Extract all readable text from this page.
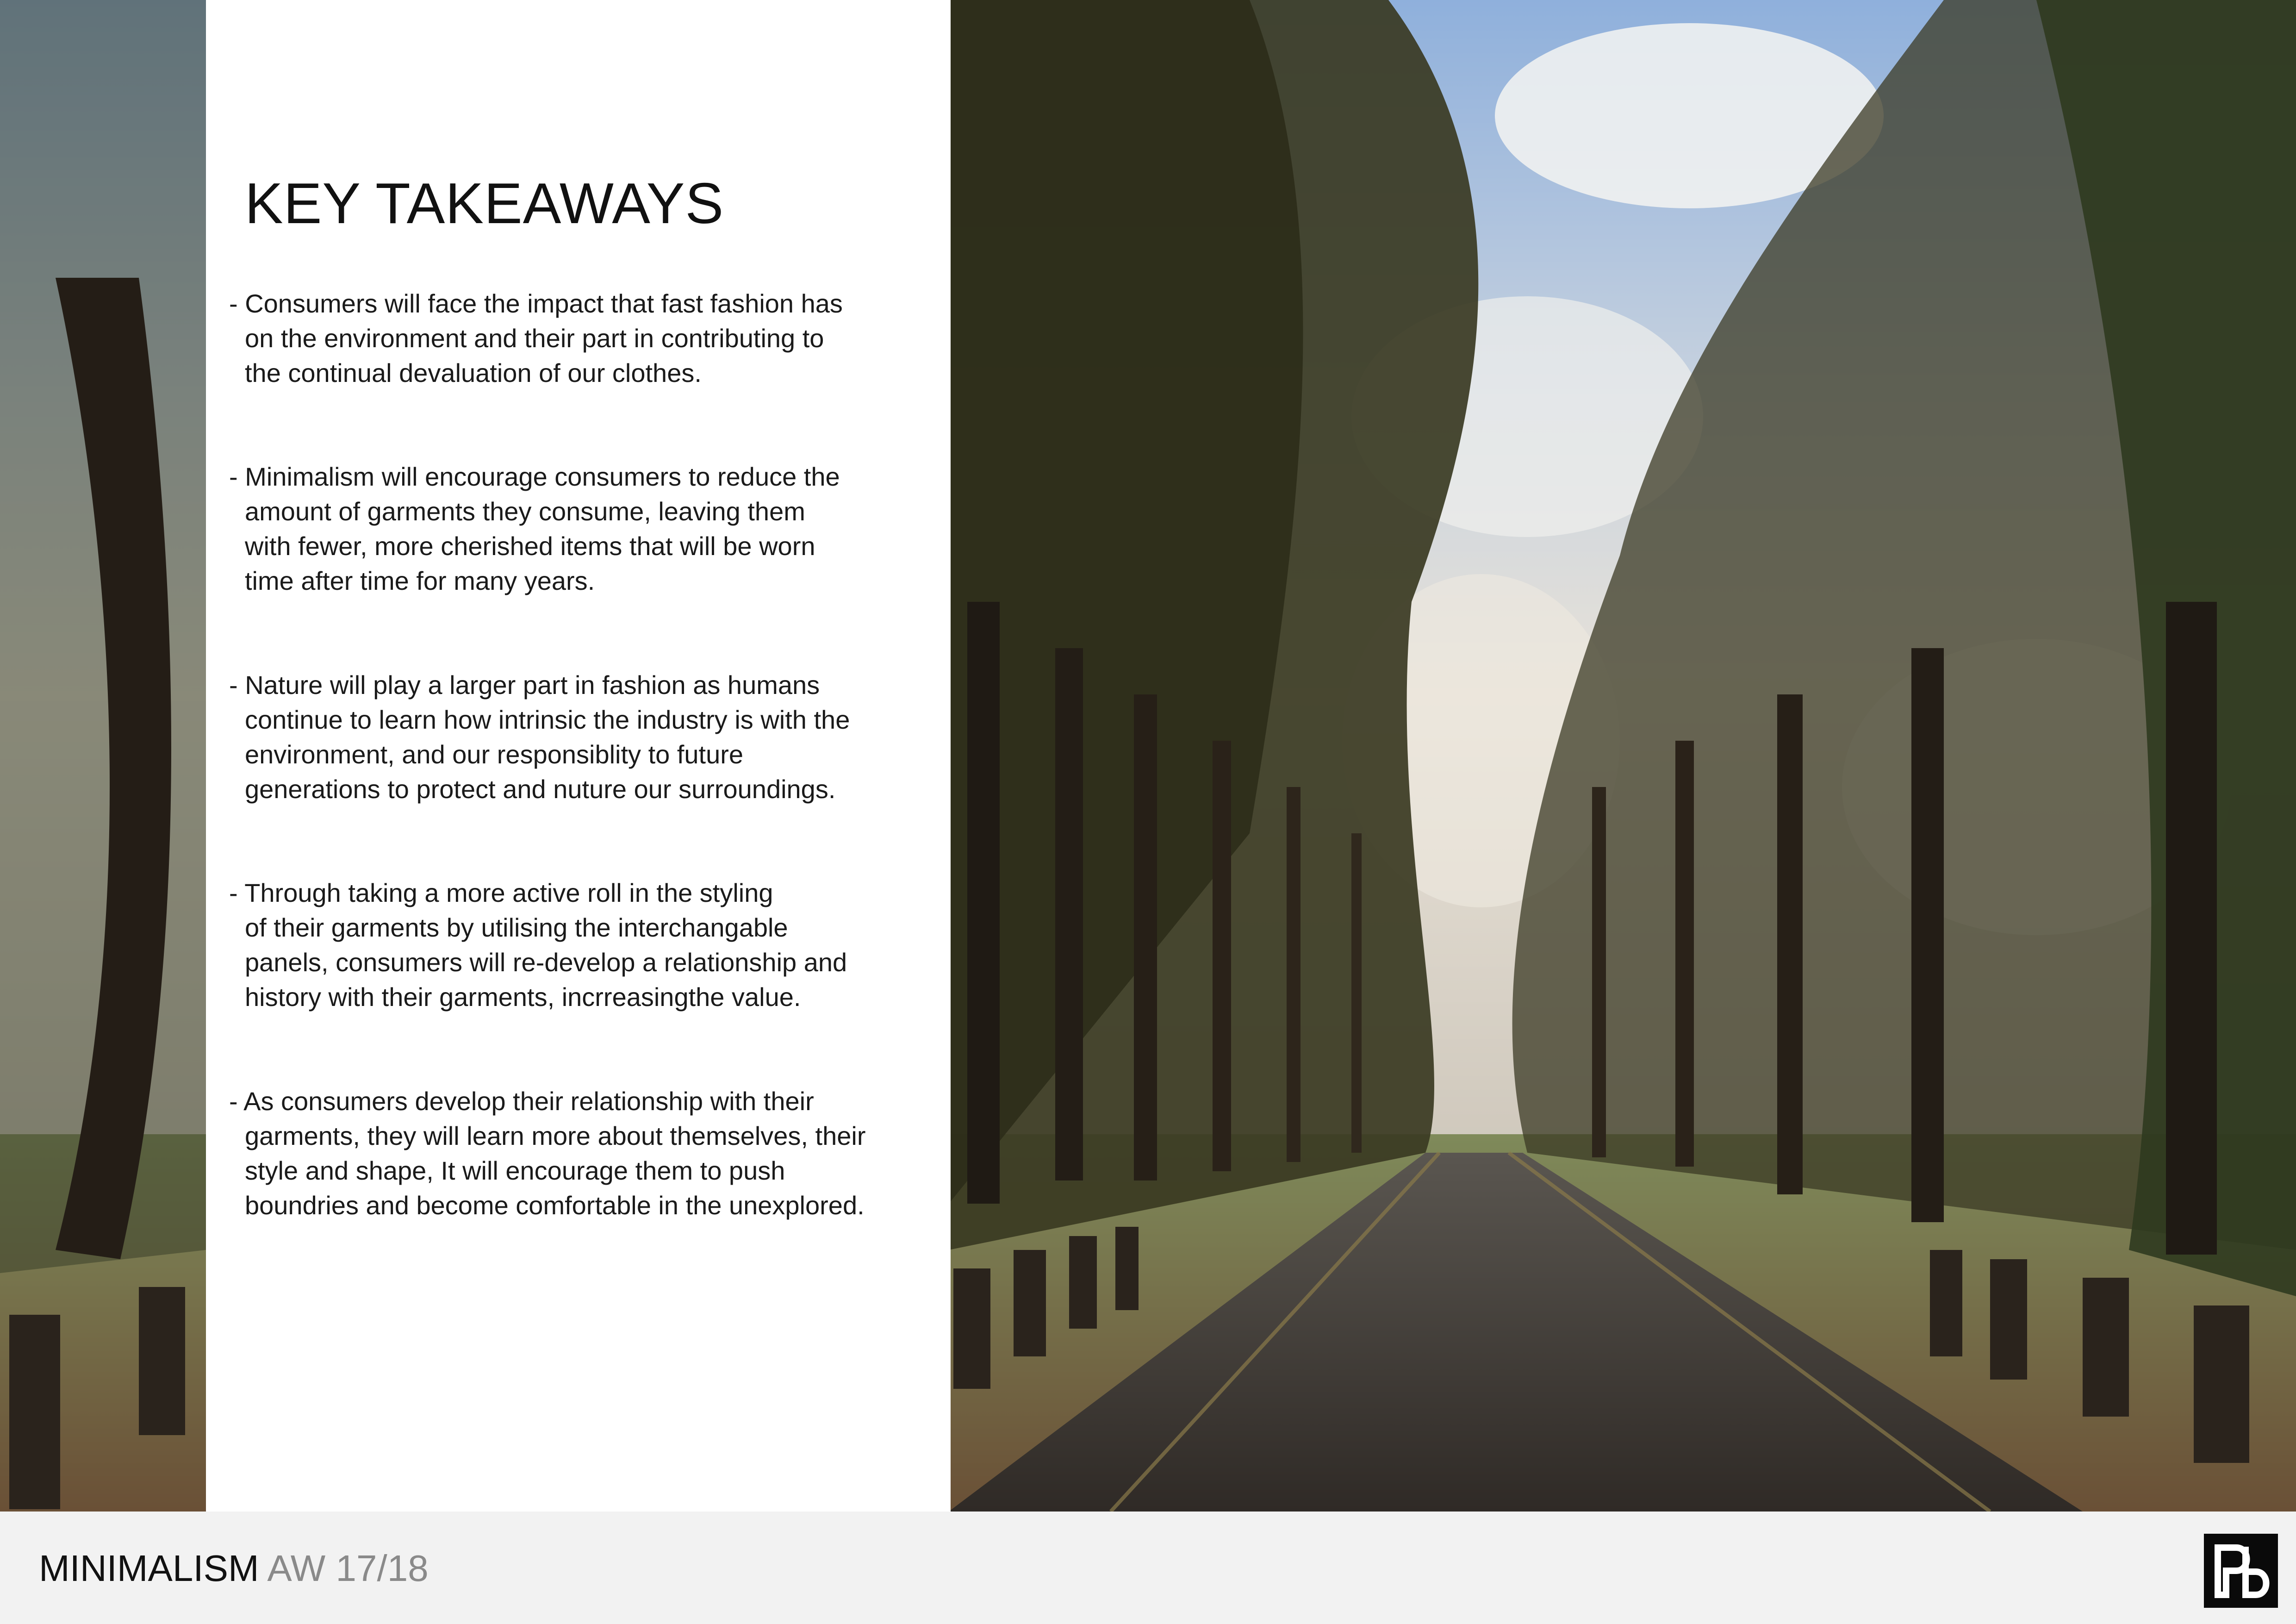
KEY TAKEAWAYS
- Consumers will face the impact that fast fashion has
on the environment and their part in contributing to
the continual devaluation of our clothes.
- Minimalism will encourage consumers to reduce the
amount of garments they consume, leaving them
with fewer, more cherished items that will be worn
time after time for many years.
- Nature will play a larger part in fashion as humans
continue to learn how intrinsic the industry is with the
environment, and our responsiblity to future
generations to protect and nuture our surroundings.
- Through taking a more active roll in the styling
of their garments by utilising the interchangable
panels, consumers will re-develop a relationship and
history with their garments, incrreasingthe value.
- As consumers develop their relationship with their
garments, they will learn more about themselves, their
style and shape, It will encourage them to push
boundries and become comfortable in the unexplored.
MINIMALISM AW 17/18
